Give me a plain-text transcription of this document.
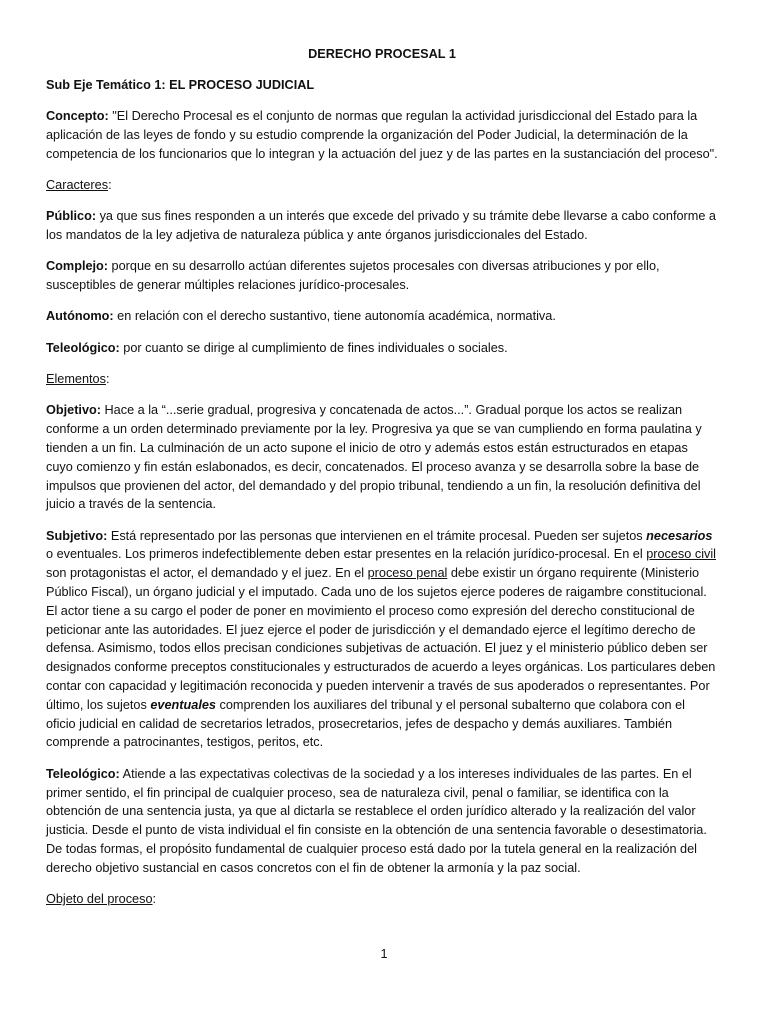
DERECHO PROCESAL 1

Sub Eje Temático 1: EL PROCESO JUDICIAL

Concepto: "El Derecho Procesal es el conjunto de normas que regulan la actividad jurisdiccional del Estado para la aplicación de las leyes de fondo y su estudio comprende la organización del Poder Judicial, la determinación de la competencia de los funcionarios que lo integran y la actuación del juez y de las partes en la sustanciación del proceso".

Caracteres:

Público: ya que sus fines responden a un interés que excede del privado y su trámite debe llevarse a cabo conforme a los mandatos de la ley adjetiva de naturaleza pública y ante órganos jurisdiccionales del Estado.

Complejo: porque en su desarrollo actúan diferentes sujetos procesales con diversas atribuciones y por ello, susceptibles de generar múltiples relaciones jurídico-procesales.

Autónomo: en relación con el derecho sustantivo, tiene autonomía académica, normativa.

Teleológico: por cuanto se dirige al cumplimiento de fines individuales o sociales.

Elementos:

Objetivo: Hace a la “...serie gradual, progresiva y concatenada de actos...”. Gradual porque los actos se realizan conforme a un orden determinado previamente por la ley. Progresiva ya que se van cumpliendo en forma paulatina y tienden a un fin. La culminación de un acto supone el inicio de otro y además estos están estructurados en etapas cuyo comienzo y fin están eslabonados, es decir, concatenados. El proceso avanza y se desarrolla sobre la base de impulsos que provienen del actor, del demandado y del propio tribunal, tendiendo a un fin, la resolución definitiva del juicio a través de la sentencia.

Subjetivo: Está representado por las personas que intervienen en el trámite procesal. Pueden ser sujetos necesarios o eventuales. Los primeros indefectiblemente deben estar presentes en la relación jurídico-procesal. En el proceso civil son protagonistas el actor, el demandado y el juez. En el proceso penal debe existir un órgano requirente (Ministerio Público Fiscal), un órgano judicial y el imputado. Cada uno de los sujetos ejerce poderes de raigambre constitucional. El actor tiene a su cargo el poder de poner en movimiento el proceso como expresión del derecho constitucional de peticionar ante las autoridades. El juez ejerce el poder de jurisdicción y el demandado ejerce el legítimo derecho de defensa. Asimismo, todos ellos precisan condiciones subjetivas de actuación. El juez y el ministerio público deben ser designados conforme preceptos constitucionales y estructurados de acuerdo a leyes orgánicas. Los particulares deben contar con capacidad y legitimación reconocida y pueden intervenir a través de sus apoderados o representantes. Por último, los sujetos eventuales comprenden los auxiliares del tribunal y el personal subalterno que colabora con el oficio judicial en calidad de secretarios letrados, prosecretarios, jefes de despacho y demás auxiliares. También comprende a patrocinantes, testigos, peritos, etc.

Teleológico: Atiende a las expectativas colectivas de la sociedad y a los intereses individuales de las partes. En el primer sentido, el fin principal de cualquier proceso, sea de naturaleza civil, penal o familiar, se identifica con la obtención de una sentencia justa, ya que al dictarla se restablece el orden jurídico alterado y la realización del valor justicia. Desde el punto de vista individual el fin consiste en la obtención de una sentencia favorable o desestimatoria. De todas formas, el propósito fundamental de cualquier proceso está dado por la tutela general en la realización del derecho objetivo sustancial en casos concretos con el fin de obtener la armonía y la paz social.

Objeto del proceso:

1
